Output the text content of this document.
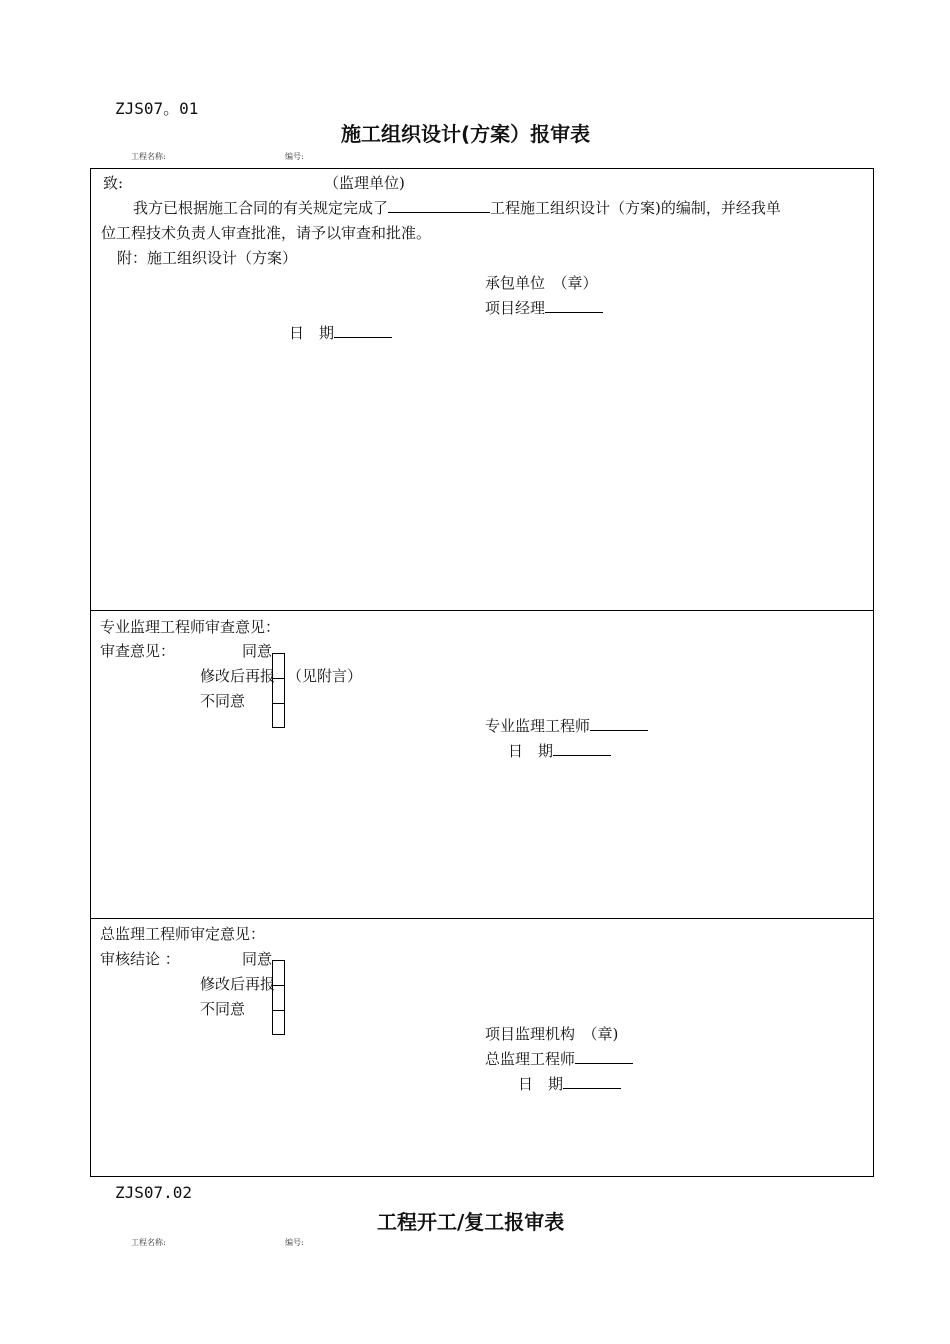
ZJS07。01
施工组织设计(方案）报审表
工程名称:	编号:
致:	（监理单位)
我方已根据施工合同的有关规定完成了	工程施工组织设计（方案)的编制，并经我单
位工程技术负责人审查批准，请予以审查和批准。
附：施工组织设计（方案）
承包单位　（章）
项目经理
日　期
专业监理工程师审查意见：
审查意见：	同意
修改后再报 （见附言）
不同意
专业监理工程师
日　期
总监理工程师审定意见：
审核结论 ：	同意
修改后再报
不同意
项目监理机构　（章)
总监理工程师
日　期
ZJS07.02
工程开工/复工报审表
工程名称:	编号:
